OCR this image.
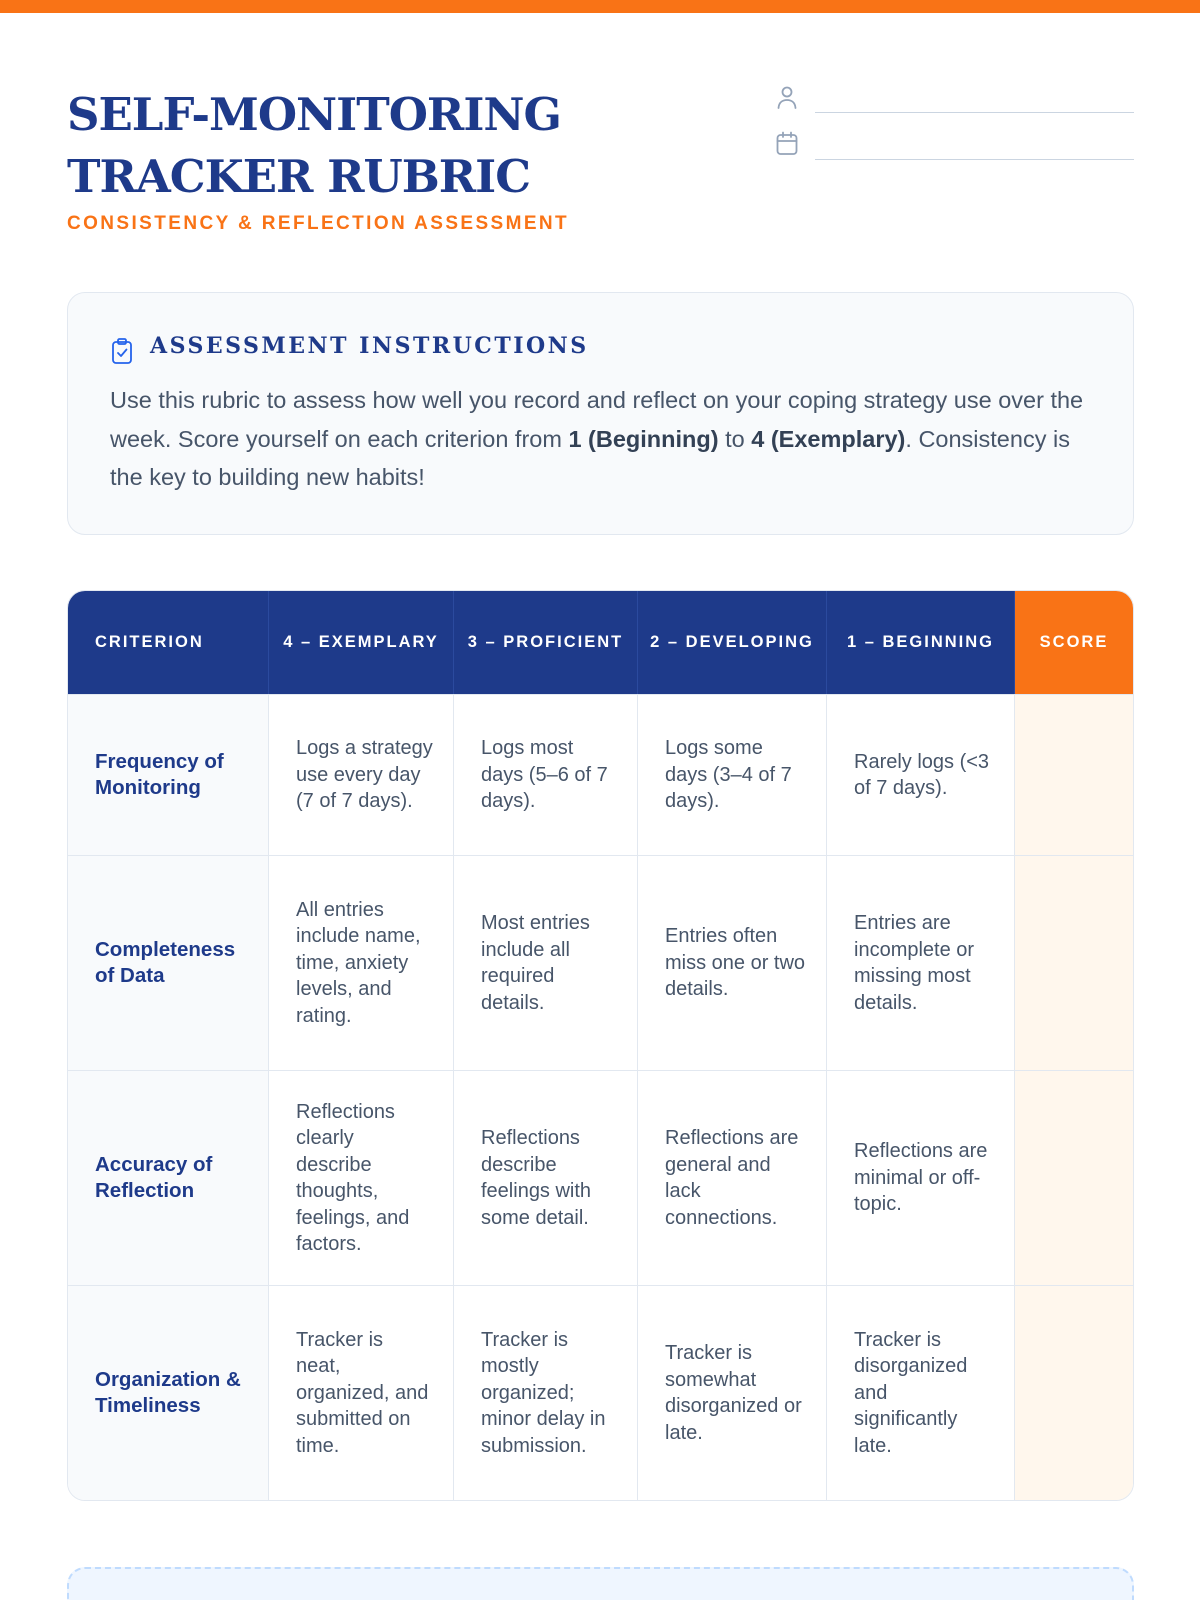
SELF-MONITORING TRACKER RUBRIC
CONSISTENCY & REFLECTION ASSESSMENT
ASSESSMENT INSTRUCTIONS

Use this rubric to assess how well you record and reflect on your coping strategy use over the week. Score yourself on each criterion from 1 (Beginning) to 4 (Exemplary). Consistency is the key to building new habits!

CRITERION	4 – EXEMPLARY	3 – PROFICIENT	2 – DEVELOPING	1 – BEGINNING	SCORE
Frequency of Monitoring	Logs a strategy use every day (7 of 7 days).	Logs most days (5–6 of 7 days).	Logs some days (3–4 of 7 days).	Rarely logs (<3 of 7 days).	
Completeness of Data	All entries include name, time, anxiety levels, and rating.	Most entries include all required details.	Entries often miss one or two details.	Entries are incomplete or missing most details.	
Accuracy of Reflection	Reflections clearly describe thoughts, feelings, and factors.	Reflections describe feelings with some detail.	Reflections are general and lack connections.	Reflections are minimal or off-topic.	
Organization & Timeliness	Tracker is neat, organized, and submitted on time.	Tracker is mostly organized; minor delay in submission.	Tracker is somewhat disorganized or late.	Tracker is disorganized and significantly late.	
